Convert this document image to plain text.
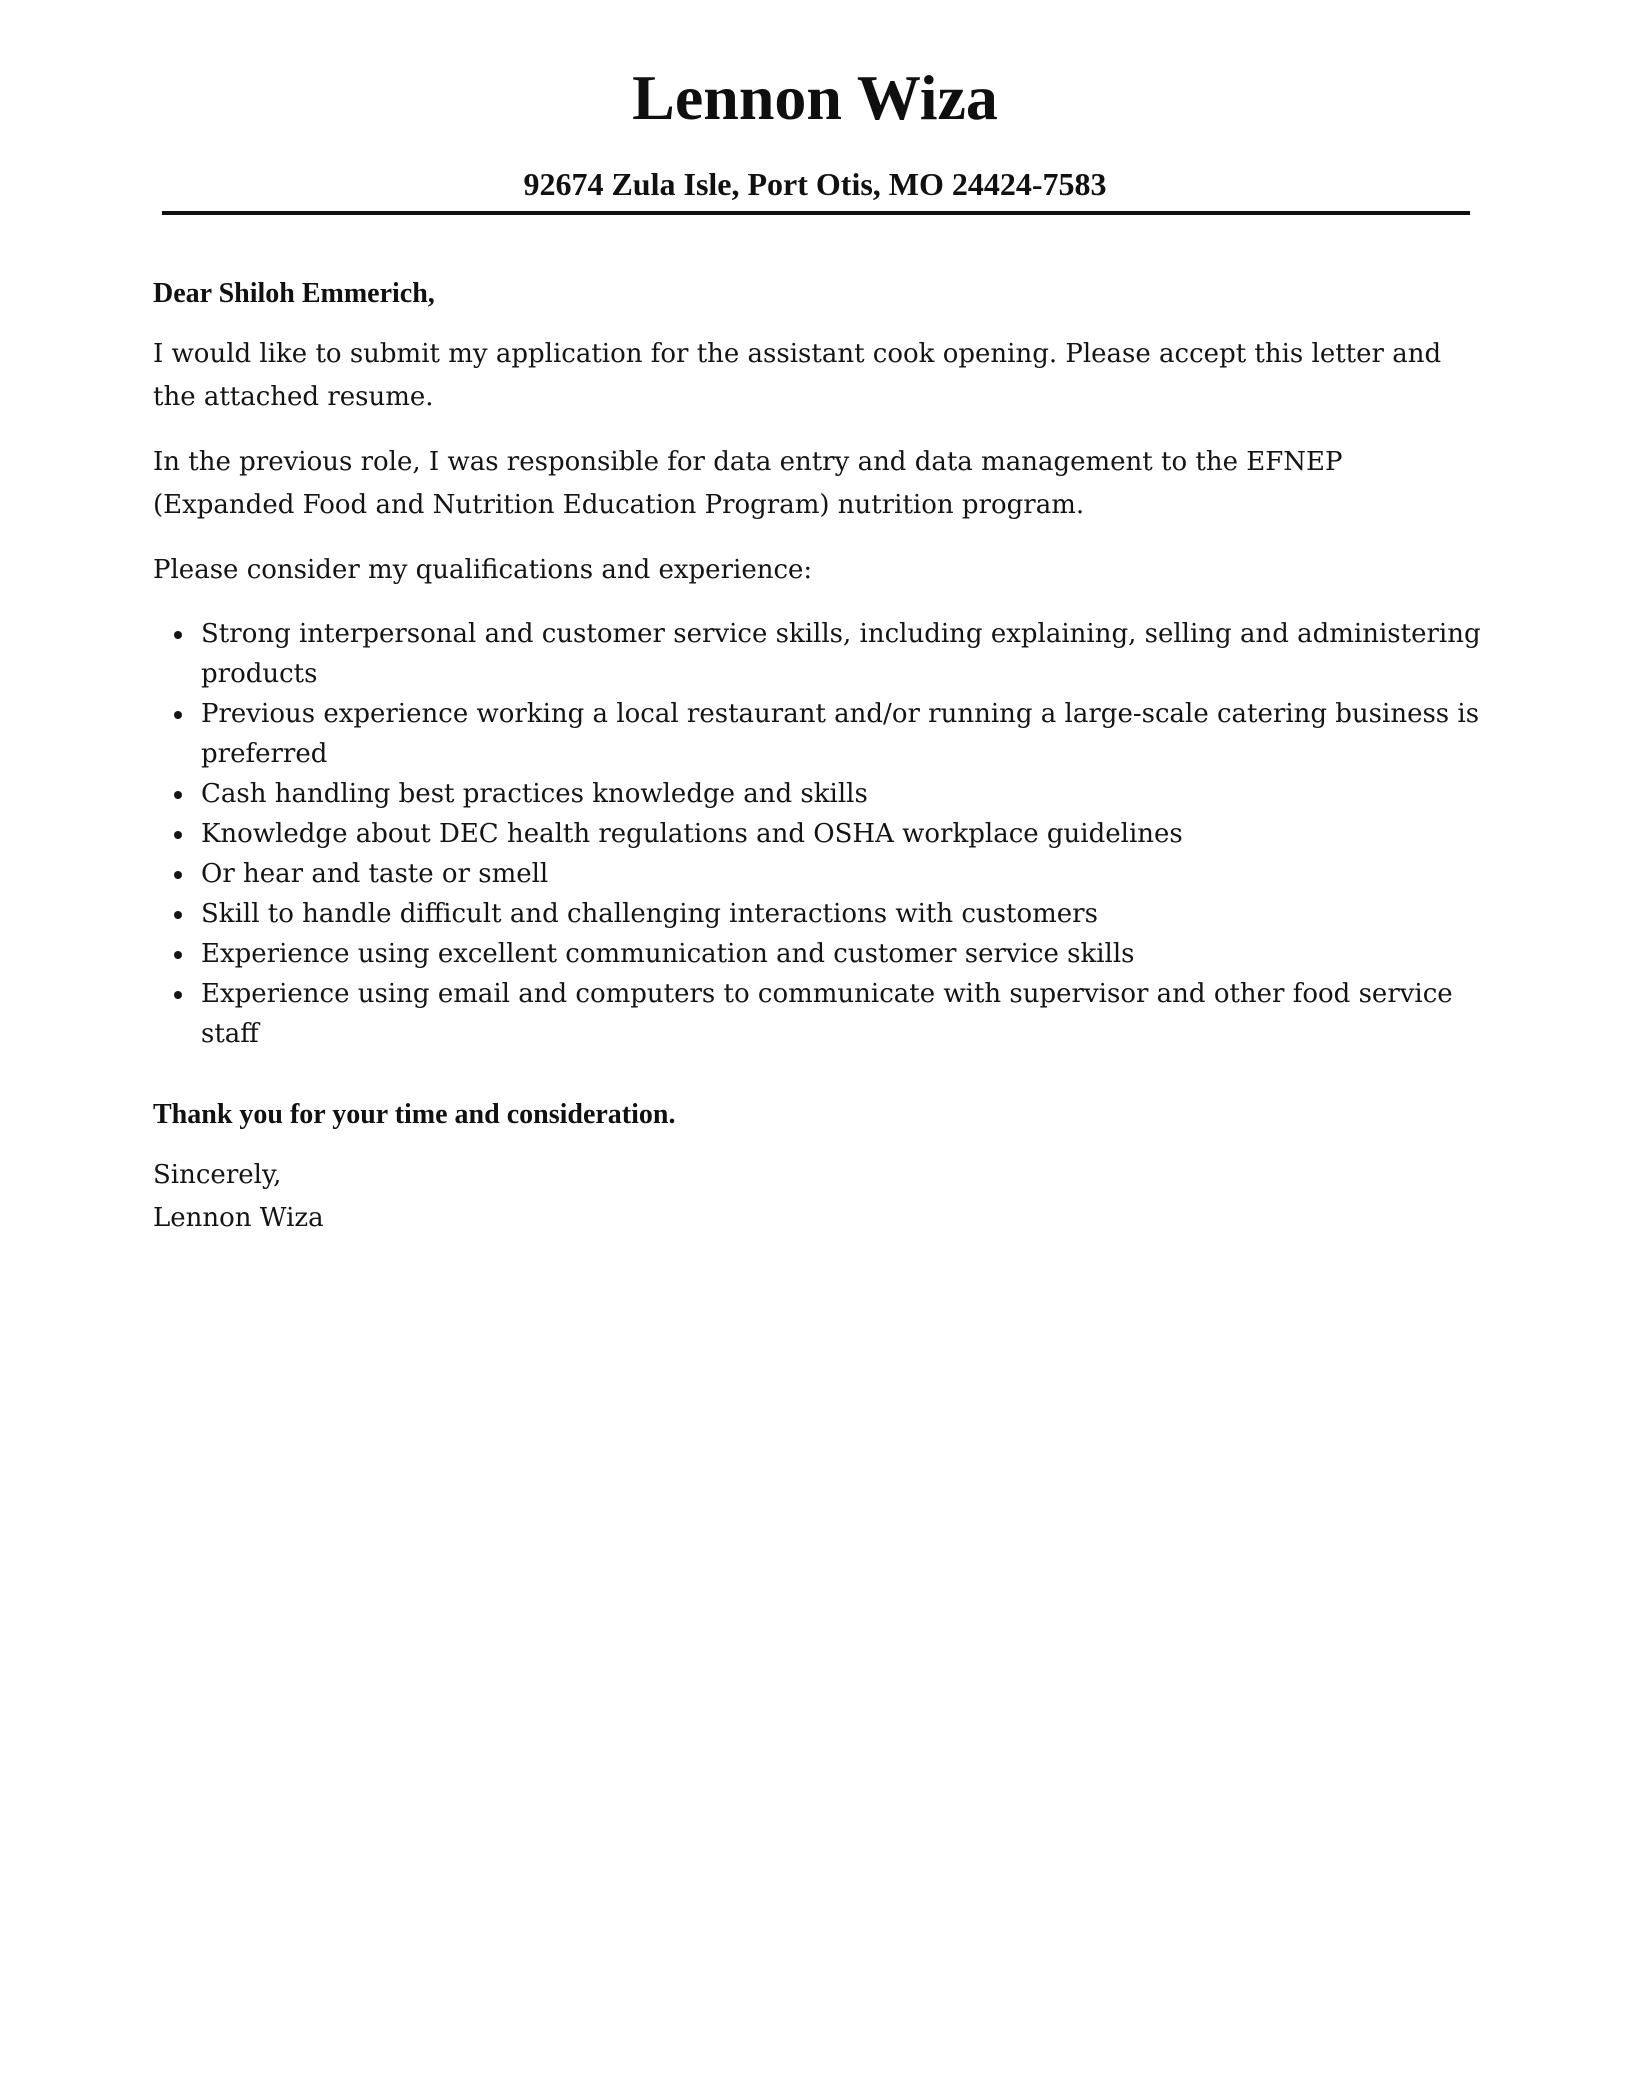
Lennon Wiza
92674 Zula Isle, Port Otis, MO 24424-7583

Dear Shiloh Emmerich,

I would like to submit my application for the assistant cook opening. Please accept this letter and the attached resume.

In the previous role, I was responsible for data entry and data management to the EFNEP (Expanded Food and Nutrition Education Program) nutrition program.

Please consider my qualifications and experience:

Strong interpersonal and customer service skills, including explaining, selling and administering products
Previous experience working a local restaurant and/or running a large-scale catering business is preferred
Cash handling best practices knowledge and skills
Knowledge about DEC health regulations and OSHA workplace guidelines
Or hear and taste or smell
Skill to handle difficult and challenging interactions with customers
Experience using excellent communication and customer service skills
Experience using email and computers to communicate with supervisor and other food service staff

Thank you for your time and consideration.

Sincerely,
Lennon Wiza
